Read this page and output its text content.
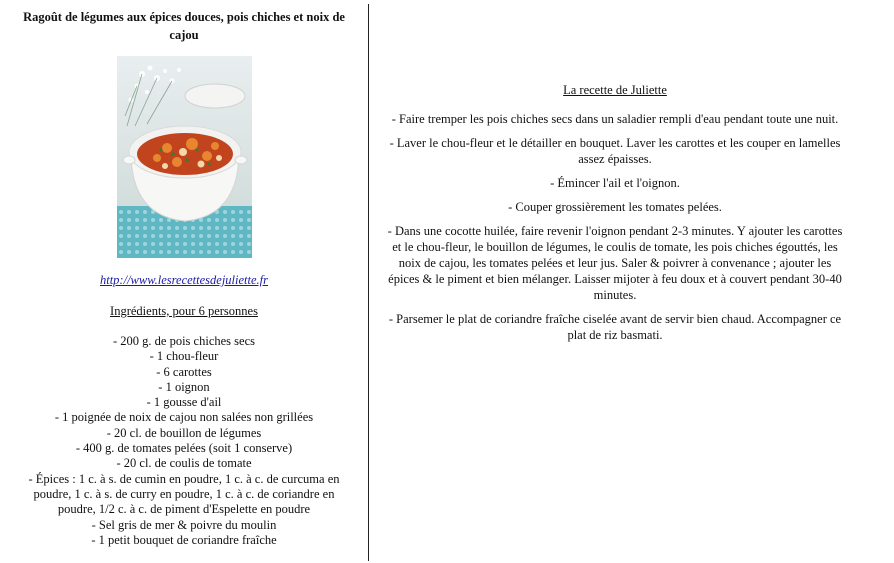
Ragoût de légumes aux épices douces, pois chiches et noix de cajou
http://www.lesrecettesdejuliette.fr
Ingrédients, pour 6 personnes
- 200 g. de pois chiches secs
- 1 chou-fleur
- 6 carottes
- 1 oignon
- 1 gousse d'ail
- 1 poignée de noix de cajou non salées non grillées
- 20 cl. de bouillon de légumes
- 400 g. de tomates pelées (soit 1 conserve)
- 20 cl. de coulis de tomate
- Épices : 1 c. à s. de cumin en poudre, 1 c. à c. de curcuma en poudre, 1 c. à s. de curry en poudre, 1 c. à c. de coriandre en poudre, 1/2 c. à c. de piment d'Espelette en poudre
- Sel gris de mer & poivre du moulin
- 1 petit bouquet de coriandre fraîche
La recette de Juliette

- Faire tremper les pois chiches secs dans un saladier rempli d'eau pendant toute une nuit.

- Laver le chou-fleur et le détailler en bouquet. Laver les carottes et les couper en lamelles assez épaisses.

- Émincer l'ail et l'oignon.

- Couper grossièrement les tomates pelées.

- Dans une cocotte huilée, faire revenir l'oignon pendant 2-3 minutes. Y ajouter les carottes et le chou-fleur, le bouillon de légumes, le coulis de tomate, les pois chiches égouttés, les noix de cajou, les tomates pelées et leur jus. Saler & poivrer à convenance ; ajouter les épices & le piment et bien mélanger. Laisser mijoter à feu doux et à couvert pendant 30-40 minutes.

- Parsemer le plat de coriandre fraîche ciselée avant de servir bien chaud. Accompagner ce plat de riz basmati.
